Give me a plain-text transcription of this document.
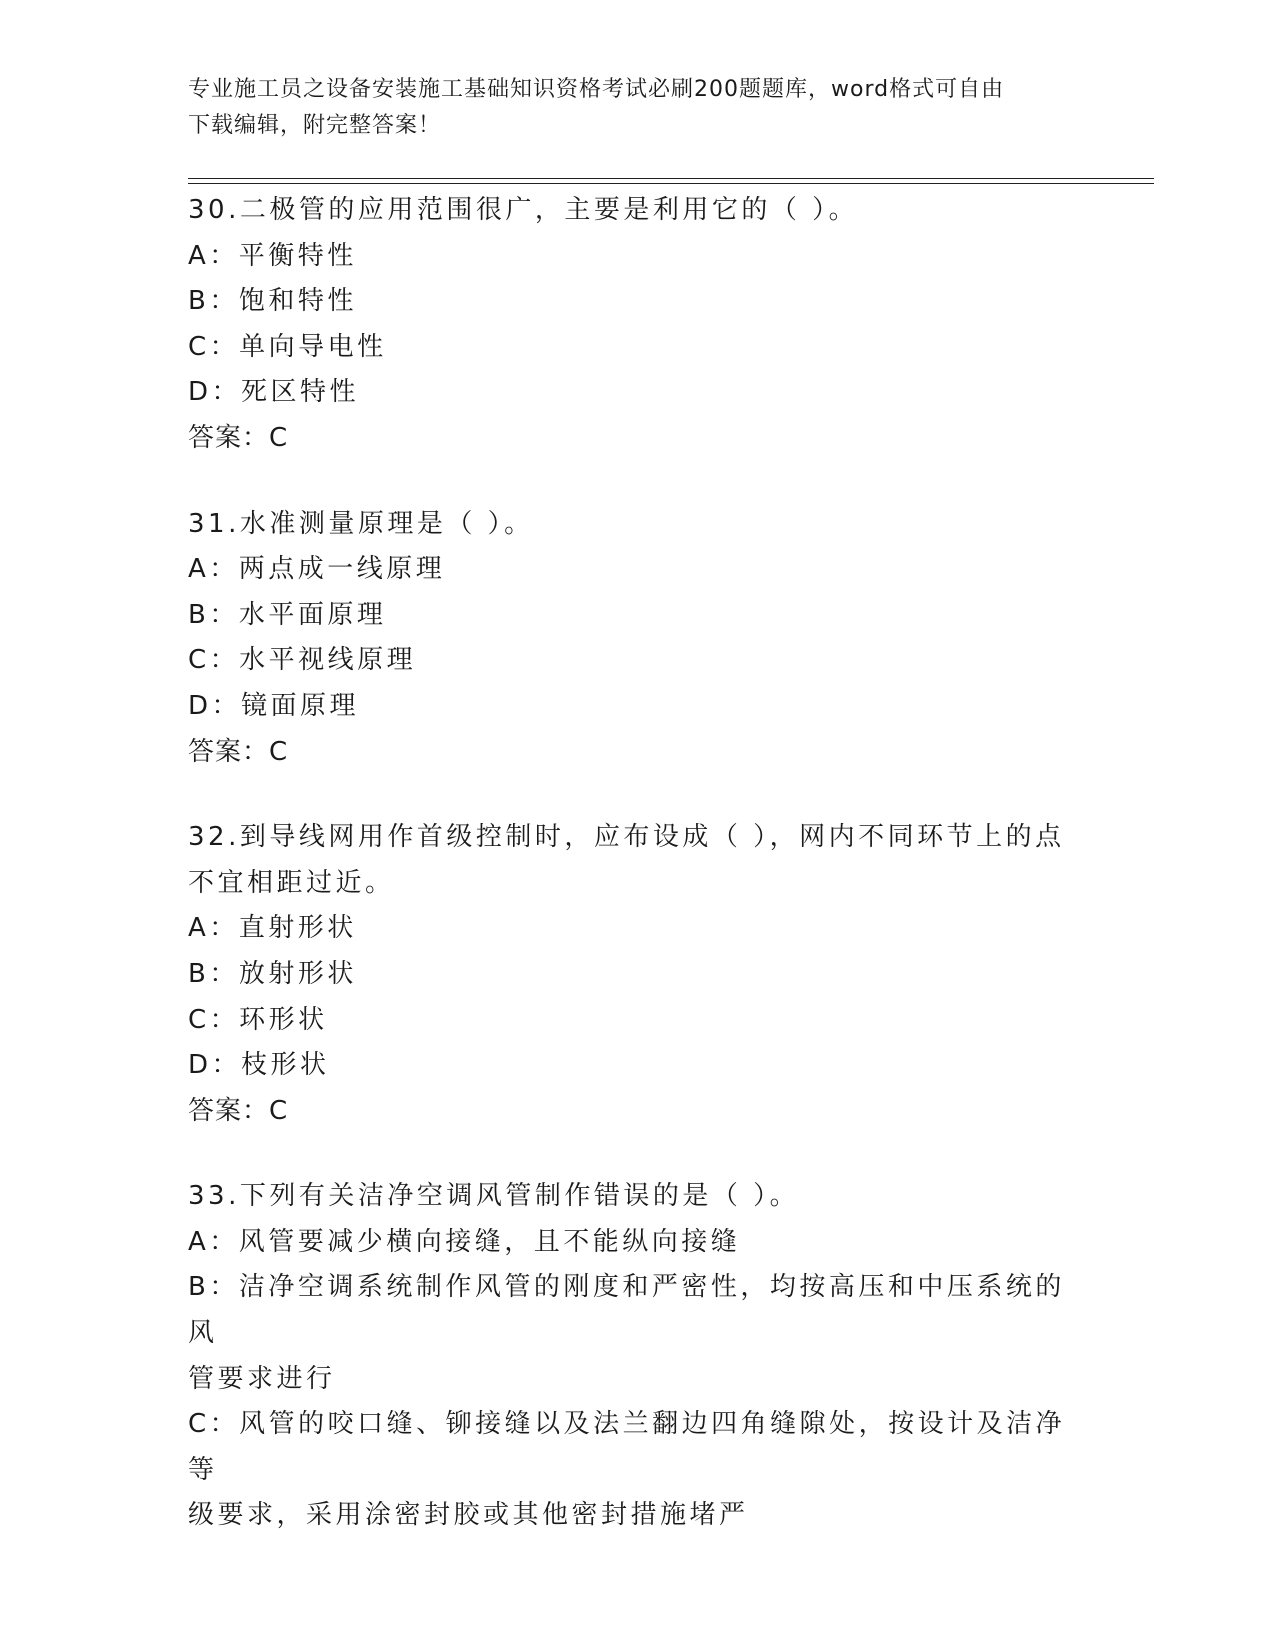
专业施工员之设备安装施工基础知识资格考试必刷200题题库，word格式可自由
下载编辑，附完整答案！
30.二极管的应用范围很广，主要是利用它的（ ）。
A：平衡特性
B：饱和特性
C：单向导电性
D：死区特性
答案：C
31.水准测量原理是（ ）。
A：两点成一线原理
B：水平面原理
C：水平视线原理
D：镜面原理
答案：C
32.到导线网用作首级控制时，应布设成（ ），网内不同环节上的点
不宜相距过近。
A：直射形状
B：放射形状
C：环形状
D：枝形状
答案：C
33.下列有关洁净空调风管制作错误的是（ ）。
A：风管要减少横向接缝，且不能纵向接缝
B：洁净空调系统制作风管的刚度和严密性，均按高压和中压系统的风
管要求进行
C：风管的咬口缝、铆接缝以及法兰翻边四角缝隙处，按设计及洁净等
级要求，采用涂密封胶或其他密封措施堵严
